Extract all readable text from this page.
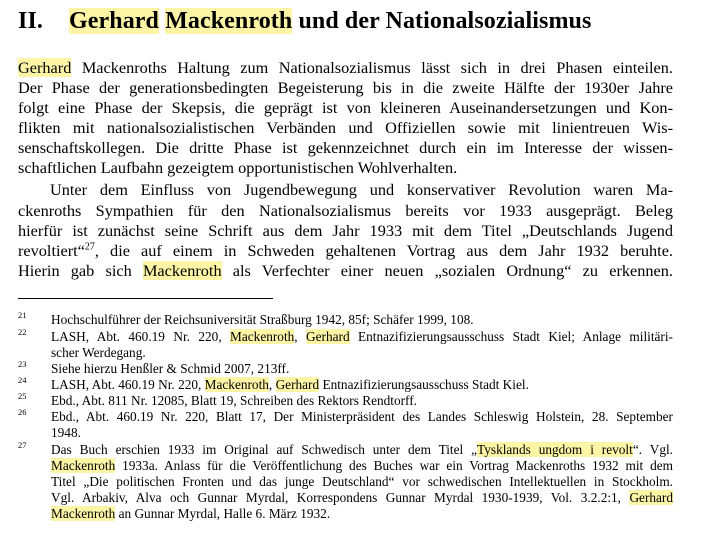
II. Gerhard Mackenroth und der Nationalsozialismus
Gerhard Mackenroths Haltung zum Nationalsozialismus lässt sich in drei Phasen einteilen.
Der Phase der generationsbedingten Begeisterung bis in die zweite Hälfte der 1930er Jahre
folgt eine Phase der Skepsis, die geprägt ist von kleineren Auseinandersetzungen und Kon-
flikten mit nationalsozialistischen Verbänden und Offiziellen sowie mit linientreuen Wis-
senschaftskollegen. Die dritte Phase ist gekennzeichnet durch ein im Interesse der wissen-
schaftlichen Laufbahn gezeigtem opportunistischen Wohlverhalten.
Unter dem Einfluss von Jugendbewegung und konservativer Revolution waren Ma-
ckenroths Sympathien für den Nationalsozialismus bereits vor 1933 ausgeprägt. Beleg
hierfür ist zunächst seine Schrift aus dem Jahr 1933 mit dem Titel „Deutschlands Jugend
revoltiert“$^{27}$, die auf einem in Schweden gehaltenen Vortrag aus dem Jahr 1932 beruhte.
Hierin gab sich Mackenroth als Verfechter einer neuen „sozialen Ordnung“ zu erkennen.
21 Hochschulführer der Reichsuniversität Straßburg 1942, 85f; Schäfer 1999, 108.
22 LASH, Abt. 460.19 Nr. 220, Mackenroth, Gerhard Entnazifizierungsausschuss Stadt Kiel; Anlage militäri-
scher Werdegang.
23 Siehe hierzu Henßler & Schmid 2007, 213ff.
24 LASH, Abt. 460.19 Nr. 220, Mackenroth, Gerhard Entnazifizierungsausschuss Stadt Kiel.
25 Ebd., Abt. 811 Nr. 12085, Blatt 19, Schreiben des Rektors Rendtorff.
26 Ebd., Abt. 460.19 Nr. 220, Blatt 17, Der Ministerpräsident des Landes Schleswig Holstein, 28. September
1948.
27 Das Buch erschien 1933 im Original auf Schwedisch unter dem Titel „Tysklands ungdom i revolt“. Vgl.
Mackenroth 1933a. Anlass für die Veröffentlichung des Buches war ein Vortrag Mackenroths 1932 mit dem
Titel „Die politischen Fronten und das junge Deutschland“ vor schwedischen Intellektuellen in Stockholm.
Vgl. Arbakiv, Alva och Gunnar Myrdal, Korrespondens Gunnar Myrdal 1930-1939, Vol. 3.2.2:1, Gerhard
Mackenroth an Gunnar Myrdal, Halle 6. März 1932.
